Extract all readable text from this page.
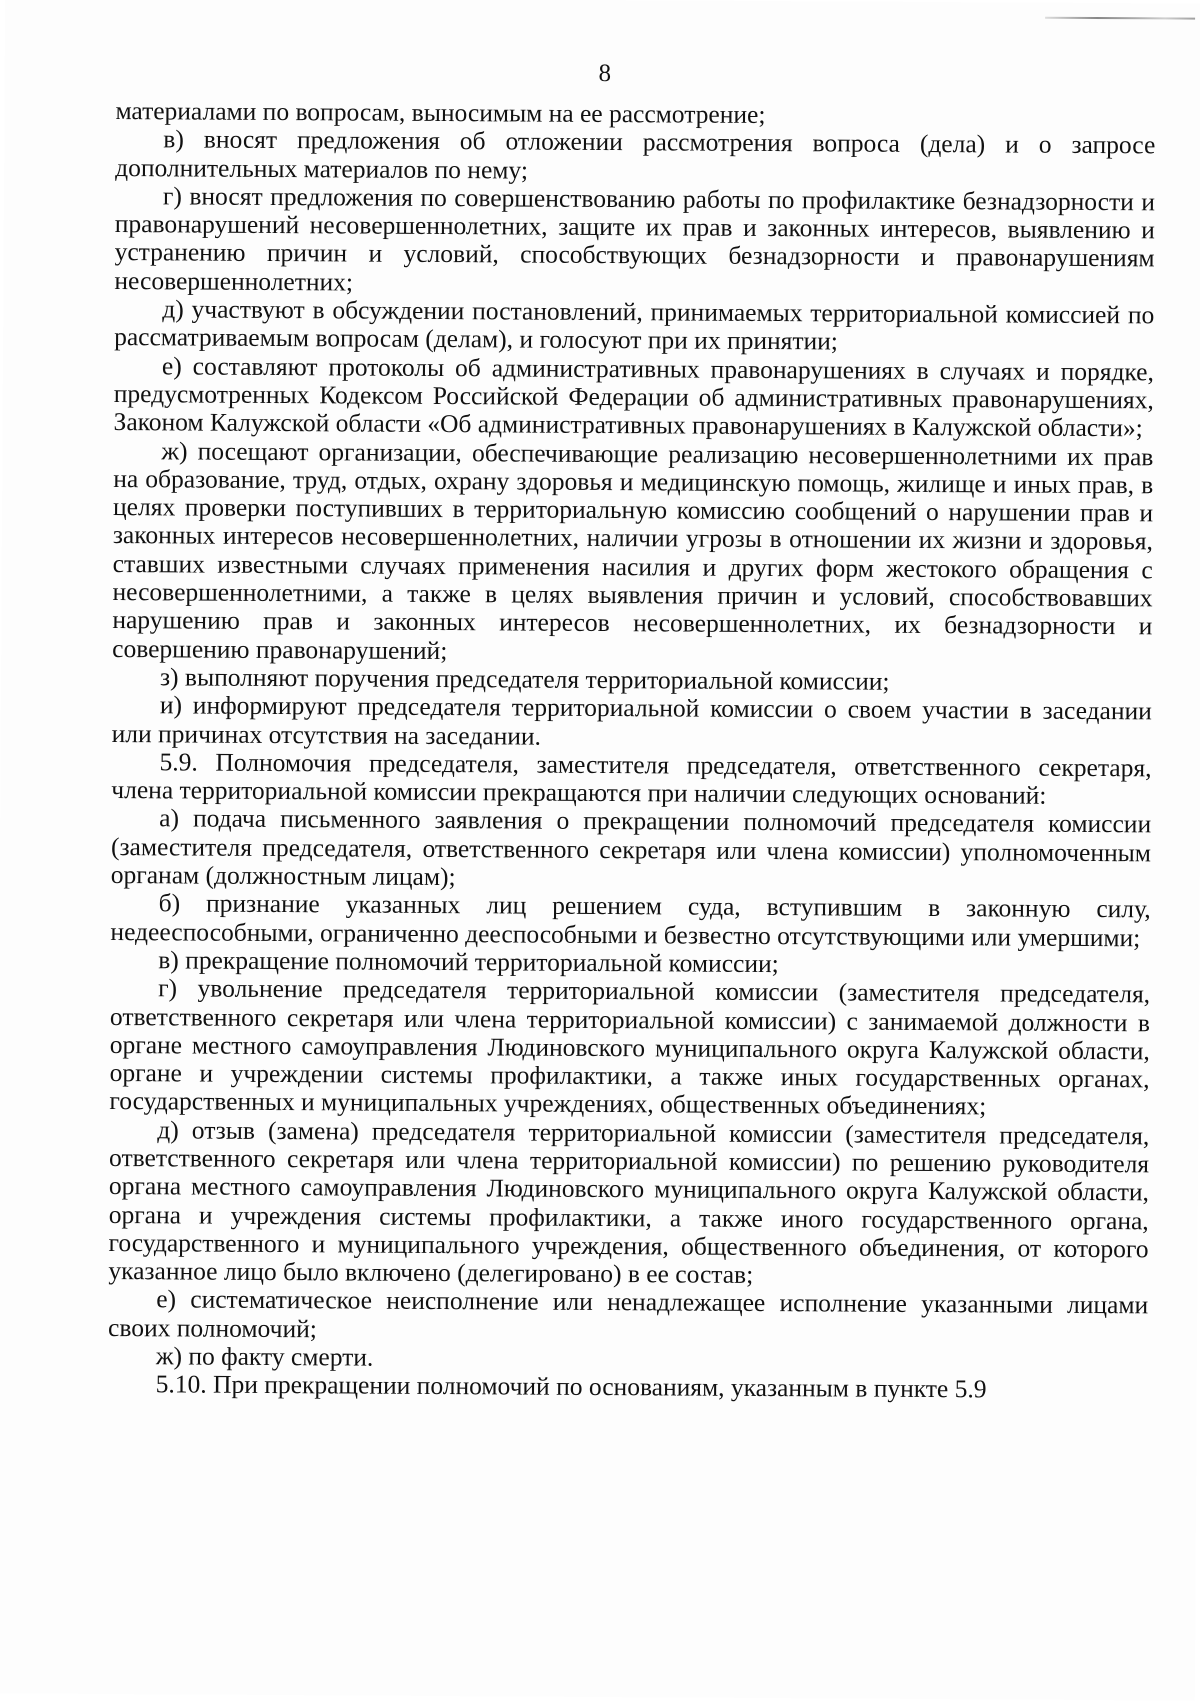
8

материалами по вопросам, выносимым на ее рассмотрение;

в) вносят предложения об отложении рассмотрения вопроса (дела) и о запросе дополнительных материалов по нему;

г) вносят предложения по совершенствованию работы по профилактике безнадзорности и правонарушений несовершеннолетних, защите их прав и законных интересов, выявлению и устранению причин и условий, способствующих безнадзорности и правонарушениям несовершеннолетних;

д) участвуют в обсуждении постановлений, принимаемых территориальной комиссией по рассматриваемым вопросам (делам), и голосуют при их принятии;

е) составляют протоколы об административных правонарушениях в случаях и порядке, предусмотренных Кодексом Российской Федерации об административных правонарушениях, Законом Калужской области «Об административных правонарушениях в Калужской области»;

ж) посещают организации, обеспечивающие реализацию несовершеннолетними их прав на образование, труд, отдых, охрану здоровья и медицинскую помощь, жилище и иных прав, в целях проверки поступивших в территориальную комиссию сообщений о нарушении прав и законных интересов несовершеннолетних, наличии угрозы в отношении их жизни и здоровья, ставших известными случаях применения насилия и других форм жестокого обращения с несовершеннолетними, а также в целях выявления причин и условий, способствовавших нарушению прав и законных интересов несовершеннолетних, их безнадзорности и совершению правонарушений;

з) выполняют поручения председателя территориальной комиссии;

и) информируют председателя территориальной комиссии о своем участии в заседании или причинах отсутствия на заседании.

5.9. Полномочия председателя, заместителя председателя, ответственного секретаря, члена территориальной комиссии прекращаются при наличии следующих оснований:

а) подача письменного заявления о прекращении полномочий председателя комиссии (заместителя председателя, ответственного секретаря или члена комиссии) уполномоченным органам (должностным лицам);

б) признание указанных лиц решением суда, вступившим в законную силу, недееспособными, ограниченно дееспособными и безвестно отсутствующими или умершими;

в) прекращение полномочий территориальной комиссии;

г) увольнение председателя территориальной комиссии (заместителя председателя, ответственного секретаря или члена территориальной комиссии) с занимаемой должности в органе местного самоуправления Людиновского муниципального округа Калужской области, органе и учреждении системы профилактики, а также иных государственных органах, государственных и муниципальных учреждениях, общественных объединениях;

д) отзыв (замена) председателя территориальной комиссии (заместителя председателя, ответственного секретаря или члена территориальной комиссии) по решению руководителя органа местного самоуправления Людиновского муниципального округа Калужской области, органа и учреждения системы профилактики, а также иного государственного органа, государственного и муниципального учреждения, общественного объединения, от которого указанное лицо было включено (делегировано) в ее состав;

е) систематическое неисполнение или ненадлежащее исполнение указанными лицами своих полномочий;

ж) по факту смерти.

5.10. При прекращении полномочий по основаниям, указанным в пункте 5.9
